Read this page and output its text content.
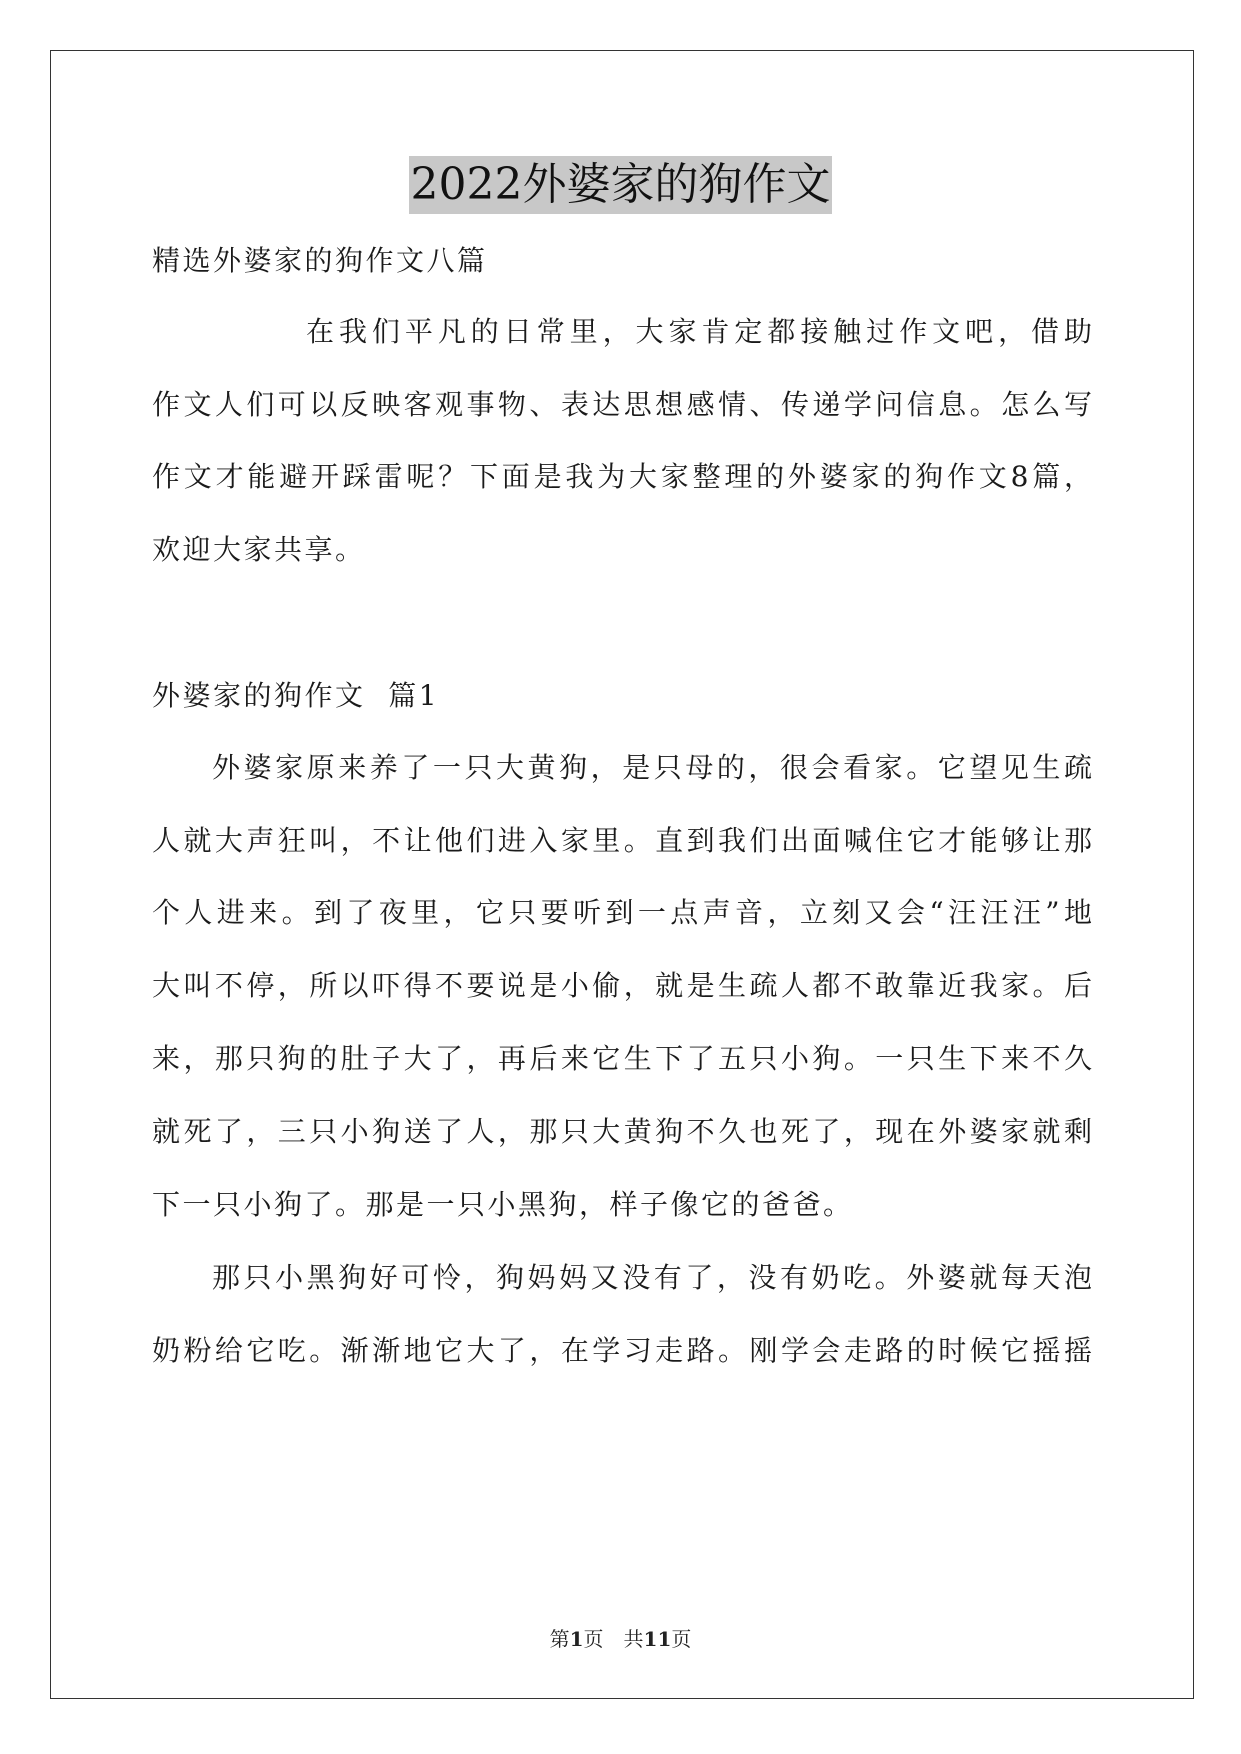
2022外婆家的狗作文
精选外婆家的狗作文八篇
在我们平凡的日常里，大家肯定都接触过作文吧，借助
作文人们可以反映客观事物、表达思想感情、传递学问信息。怎么写
作文才能避开踩雷呢？下面是我为大家整理的外婆家的狗作文8篇，
欢迎大家共享。
外婆家的狗作文  篇1
外婆家原来养了一只大黄狗，是只母的，很会看家。它望见生疏
人就大声狂叫，不让他们进入家里。直到我们出面喊住它才能够让那
个人进来。到了夜里，它只要听到一点声音，立刻又会“汪汪汪”地
大叫不停，所以吓得不要说是小偷，就是生疏人都不敢靠近我家。后
来，那只狗的肚子大了，再后来它生下了五只小狗。一只生下来不久
就死了，三只小狗送了人，那只大黄狗不久也死了，现在外婆家就剩
下一只小狗了。那是一只小黑狗，样子像它的爸爸。
那只小黑狗好可怜，狗妈妈又没有了，没有奶吃。外婆就每天泡
奶粉给它吃。渐渐地它大了，在学习走路。刚学会走路的时候它摇摇
第1页　共11页
